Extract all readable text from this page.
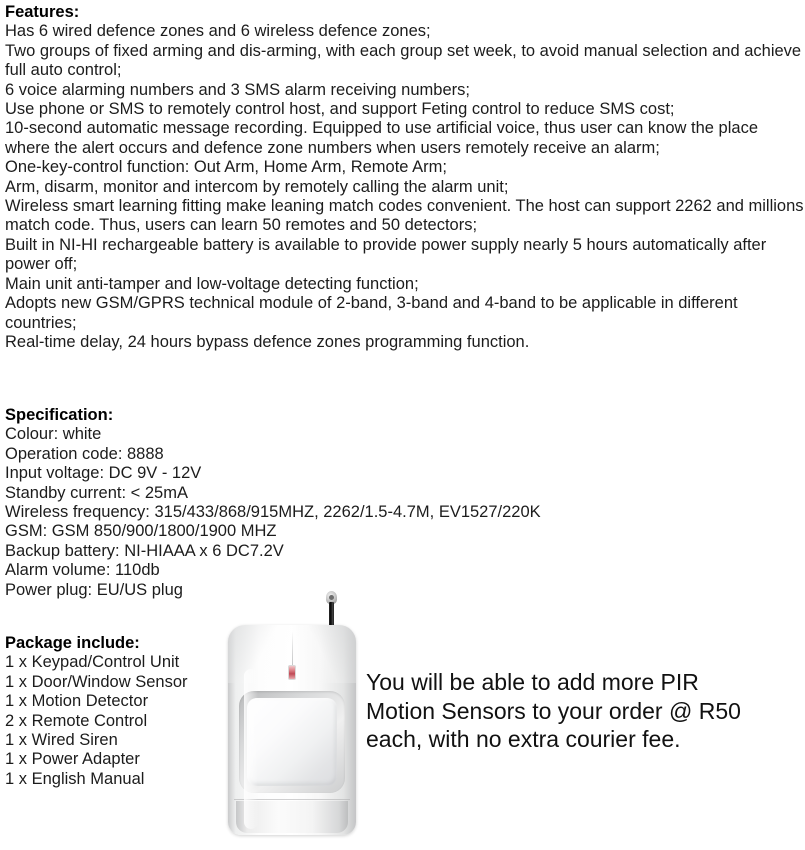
Features:

Has 6 wired defence zones and 6 wireless defence zones;

Two groups of fixed arming and dis-arming, with each group set week, to avoid manual selection and achieve full auto control;

6 voice alarming numbers and 3 SMS alarm receiving numbers;

Use phone or SMS to remotely control host, and support Feting control to reduce SMS cost;

10-second automatic message recording. Equipped to use artificial voice, thus user can know the place where the alert occurs and defence zone numbers when users remotely receive an alarm;

One-key-control function: Out Arm, Home Arm, Remote Arm;

Arm, disarm, monitor and intercom by remotely calling the alarm unit;

Wireless smart learning fitting make leaning match codes convenient. The host can support 2262 and millions match code. Thus, users can learn 50 remotes and 50 detectors;

Built in NI-HI rechargeable battery is available to provide power supply nearly 5 hours automatically after power off;

Main unit anti-tamper and low-voltage detecting function;

Adopts new GSM/GPRS technical module of 2-band, 3-band and 4-band to be applicable in different countries;

Real-time delay, 24 hours bypass defence zones programming function.

Specification:

Colour: white

Operation code: 8888

Input voltage: DC 9V - 12V

Standby current: < 25mA

Wireless frequency: 315/433/868/915MHZ, 2262/1.5-4.7M, EV1527/220K

GSM: GSM 850/900/1800/1900 MHZ

Backup battery: NI-HIAAA x 6 DC7.2V

Alarm volume: 110db

Power plug: EU/US plug

Package include:

1 x Keypad/Control Unit

1 x Door/Window Sensor

1 x Motion Detector

2 x Remote Control

1 x Wired Siren

1 x Power Adapter

1 x English Manual

You will be able to add more PIR

Motion Sensors to your order @ R50

each, with no extra courier fee.
